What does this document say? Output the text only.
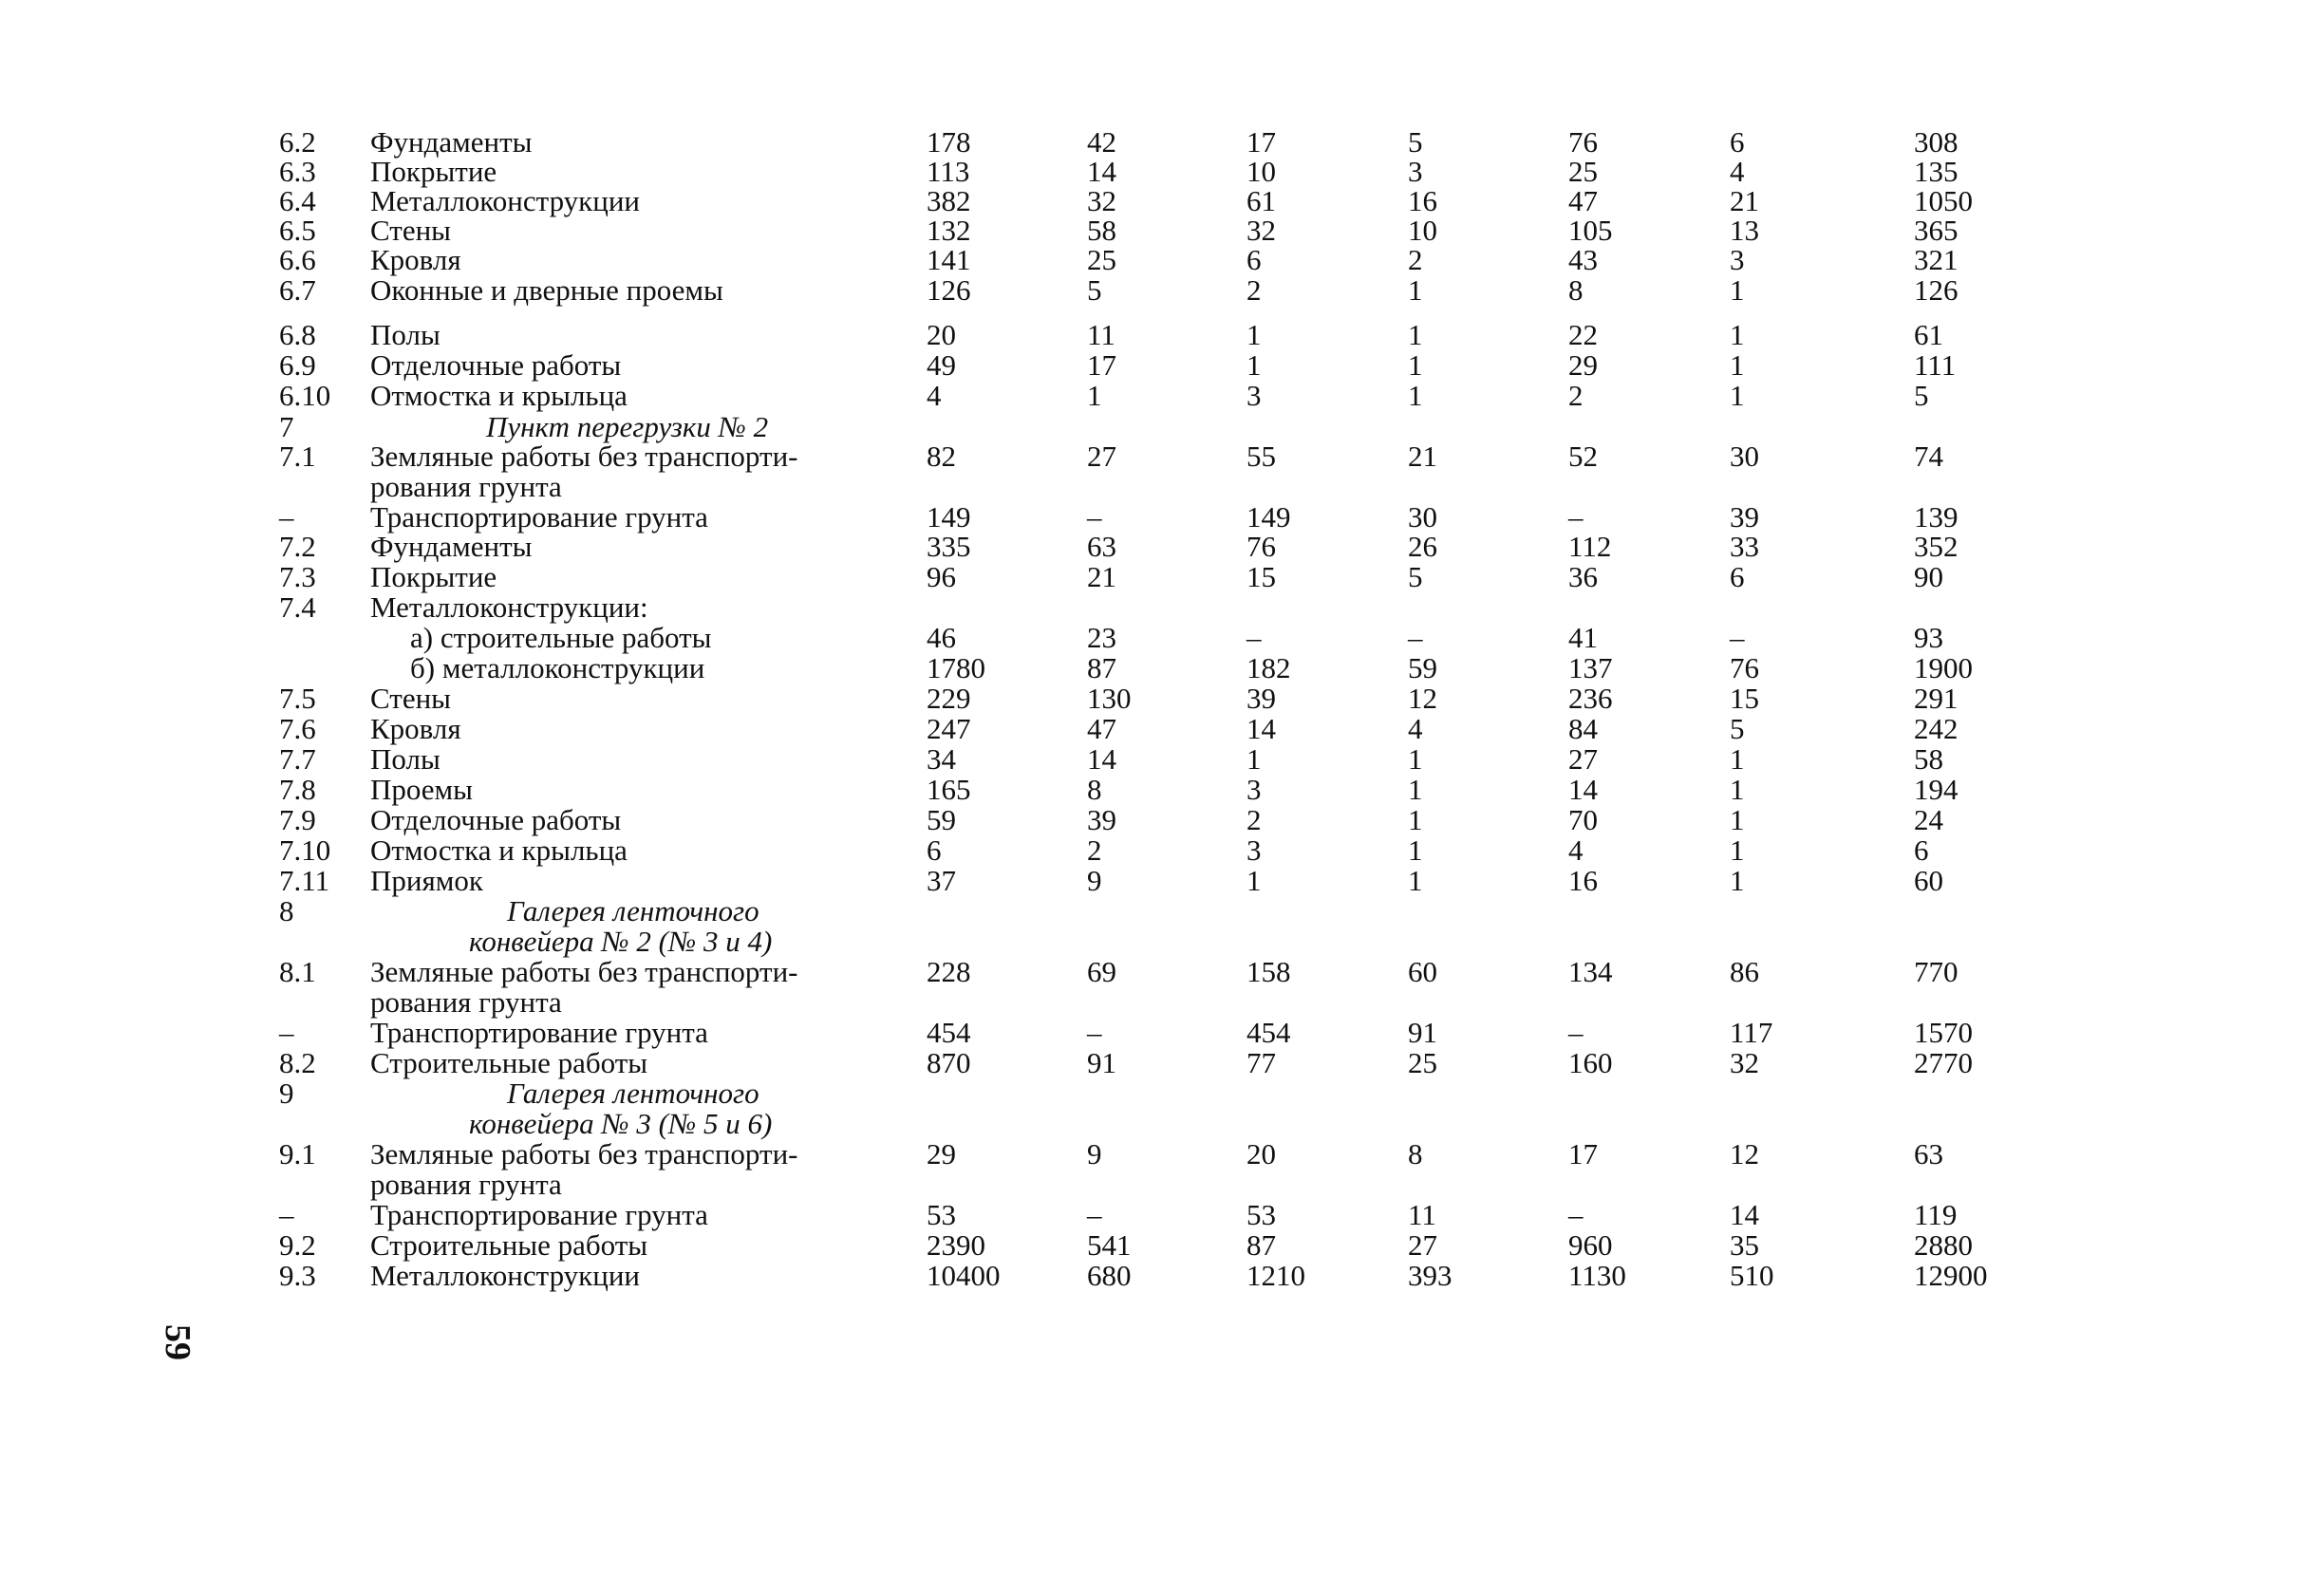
6.2 Фундаменты	178	42	17	5	76	6	308
6.3 Покрытие	113	14	10	3	25	4	135
6.4 Металлоконструкции	382	32	61	16	47	21	1050
6.5 Стены	132	58	32	10	105	13	365
6.6 Кровля	141	25	6	2	43	3	321
6.7 Оконные и дверные проемы	126	5	2	1	8	1	126
6.8 Полы	20	11	1	1	22	1	61
6.9 Отделочные работы	49	17	1	1	29	1	111
6.10 Отмостка и крыльца	4	1	3	1	2	1	5
7	Пункт перегрузки № 2
7.1 Земляные работы без транспорти-	82	27	55	21	52	30	74
рования грунта
–	Транспортирование грунта	149	–	149	30	–	39	139
7.2 Фундаменты	335	63	76	26	112	33	352
7.3 Покрытие	96	21	15	5	36	6	90
7.4 Металлоконструкции:
а) строительные работы	46	23	–	–	41	–	93
б) металлоконструкции	1780	87	182	59	137	76	1900
7.5 Стены	229	130	39	12	236	15	291
7.6 Кровля	247	47	14	4	84	5	242
7.7 Полы	34	14	1	1	27	1	58
7.8 Проемы	165	8	3	1	14	1	194
7.9 Отделочные работы	59	39	2	1	70	1	24
7.10 Отмостка и крыльца	6	2	3	1	4	1	6
7.11 Приямок	37	9	1	1	16	1	60
8	Галерея ленточного
конвейера № 2 (№ 3 и 4)
8.1 Земляные работы без транспорти-	228	69	158	60	134	86	770
рования грунта
–	Транспортирование грунта	454	–	454	91	–	117	1570
8.2 Строительные работы	870	91	77	25	160	32	2770
9	Галерея ленточного
конвейера № 3 (№ 5 и 6)
9.1 Земляные работы без транспорти-	29	9	20	8	17	12	63
рования грунта
–	Транспортирование грунта	53	–	53	11	–	14	119
9.2 Строительные работы	2390	541	87	27	960	35	2880
9.3 Металлоконструкции	10400	680	1210	393	1130	510	12900
59
